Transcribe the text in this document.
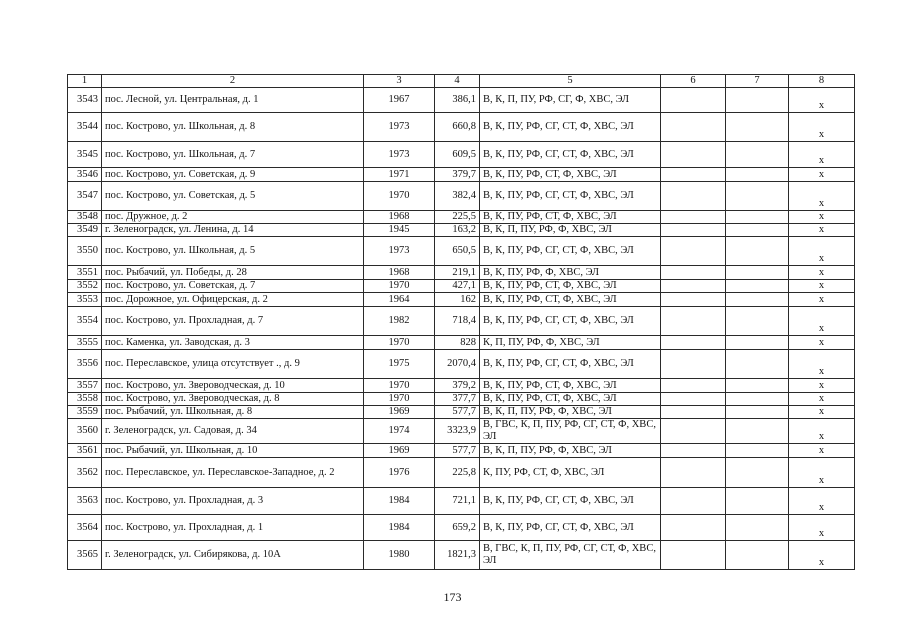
1	2	3	4	5	6	7	8
3543	пос. Лесной, ул. Центральная, д. 1	1967	386,1	В, К, П, ПУ, РФ, СГ, Ф, ХВС, ЭЛ			х
3544	пос. Кострово, ул. Школьная, д. 8	1973	660,8	В, К, ПУ, РФ, СГ, СТ, Ф, ХВС, ЭЛ			х
3545	пос. Кострово, ул. Школьная, д. 7	1973	609,5	В, К, ПУ, РФ, СГ, СТ, Ф, ХВС, ЭЛ			х
3546	пос. Кострово, ул. Советская, д. 9	1971	379,7	В, К, ПУ, РФ, СТ, Ф, ХВС, ЭЛ			х
3547	пос. Кострово, ул. Советская, д. 5	1970	382,4	В, К, ПУ, РФ, СГ, СТ, Ф, ХВС, ЭЛ			х
3548	пос. Дружное, д. 2	1968	225,5	В, К, ПУ, РФ, СТ, Ф, ХВС, ЭЛ			х
3549	г. Зеленоградск, ул. Ленина, д. 14	1945	163,2	В, К, П, ПУ, РФ, Ф, ХВС, ЭЛ			х
3550	пос. Кострово, ул. Школьная, д. 5	1973	650,5	В, К, ПУ, РФ, СГ, СТ, Ф, ХВС, ЭЛ			х
3551	пос. Рыбачий, ул. Победы, д. 28	1968	219,1	В, К, ПУ, РФ, Ф, ХВС, ЭЛ			х
3552	пос. Кострово, ул. Советская, д. 7	1970	427,1	В, К, ПУ, РФ, СТ, Ф, ХВС, ЭЛ			х
3553	пос. Дорожное, ул. Офицерская, д. 2	1964	162	В, К, ПУ, РФ, СТ, Ф, ХВС, ЭЛ			х
3554	пос. Кострово, ул. Прохладная, д. 7	1982	718,4	В, К, ПУ, РФ, СГ, СТ, Ф, ХВС, ЭЛ			х
3555	пос. Каменка, ул. Заводская, д. 3	1970	828	К, П, ПУ, РФ, Ф, ХВС, ЭЛ			х
3556	пос. Переславское, улица отсутствует ., д. 9	1975	2070,4	В, К, ПУ, РФ, СГ, СТ, Ф, ХВС, ЭЛ			х
3557	пос. Кострово, ул. Звероводческая, д. 10	1970	379,2	В, К, ПУ, РФ, СТ, Ф, ХВС, ЭЛ			х
3558	пос. Кострово, ул. Звероводческая, д. 8	1970	377,7	В, К, ПУ, РФ, СТ, Ф, ХВС, ЭЛ			х
3559	пос. Рыбачий, ул. Школьная, д. 8	1969	577,7	В, К, П, ПУ, РФ, Ф, ХВС, ЭЛ			х
3560	г. Зеленоградск, ул. Садовая, д. 34	1974	3323,9	В, ГВС, К, П, ПУ, РФ, СГ, СТ, Ф, ХВС, ЭЛ			х
3561	пос. Рыбачий, ул. Школьная, д. 10	1969	577,7	В, К, П, ПУ, РФ, Ф, ХВС, ЭЛ			х
3562	пос. Переславское, ул. Переславское-Западное, д. 2	1976	225,8	К, ПУ, РФ, СТ, Ф, ХВС, ЭЛ			х
3563	пос. Кострово, ул. Прохладная, д. 3	1984	721,1	В, К, ПУ, РФ, СГ, СТ, Ф, ХВС, ЭЛ			х
3564	пос. Кострово, ул. Прохладная, д. 1	1984	659,2	В, К, ПУ, РФ, СГ, СТ, Ф, ХВС, ЭЛ			х
3565	г. Зеленоградск, ул. Сибирякова, д. 10А	1980	1821,3	В, ГВС, К, П, ПУ, РФ, СГ, СТ, Ф, ХВС, ЭЛ			х
173
